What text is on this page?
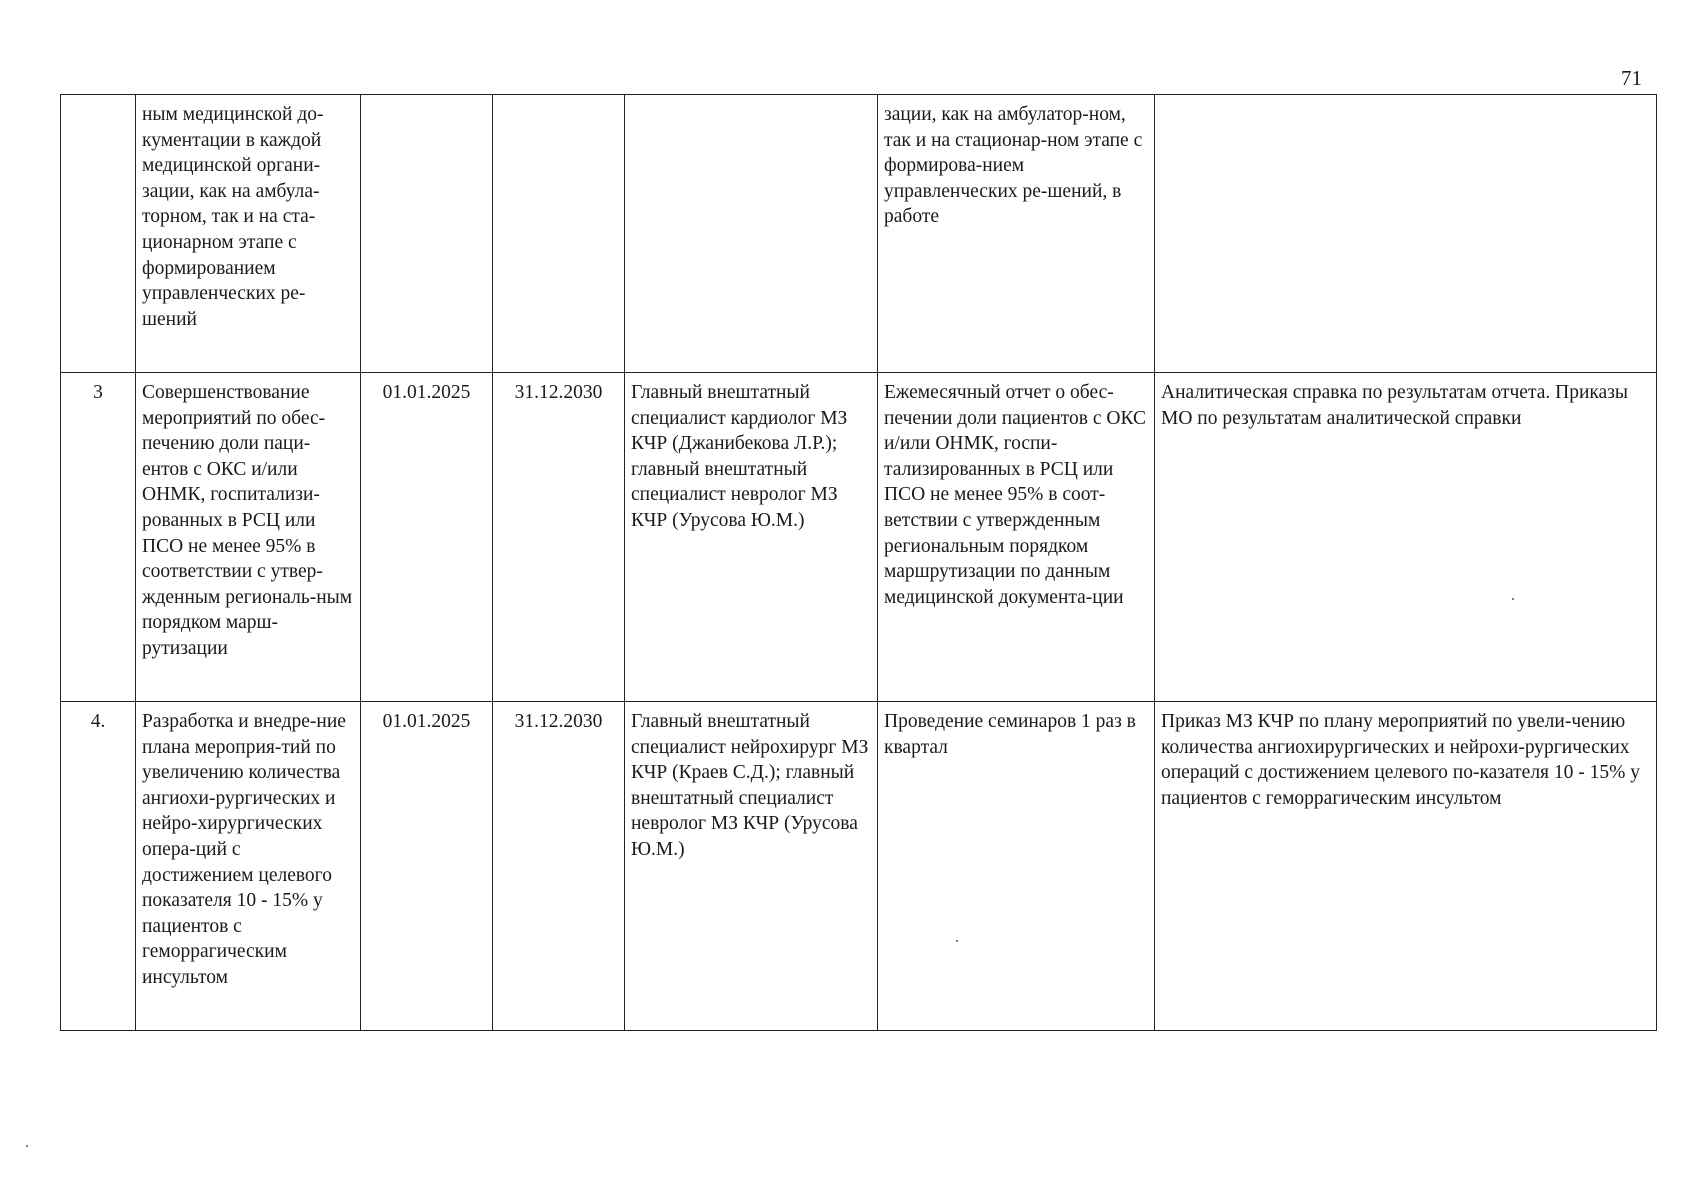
71
	ным медицинской до-кументации в каждой медицинской органи-зации, как на амбула-торном, так и на ста-ционарном этапе с формированием управленческих ре-шений				зации, как на амбулатор-ном, так и на стационар-ном этапе с формирова-нием управленческих ре-шений, в работе	
3	Совершенствование мероприятий по обес-печению доли паци-ентов с ОКС и/или ОНМК, госпитализи-рованных в РСЦ или ПСО не менее 95% в соответствии с утвер-жденным региональ-ным порядком марш-рутизации	01.01.2025	31.12.2030	Главный внештатный специалист кардиолог МЗ КЧР (Джанибекова Л.Р.); главный внештатный специалист невролог МЗ КЧР (Урусова Ю.М.)	Ежемесячный отчет о обес-печении доли пациентов с ОКС и/или ОНМК, госпи-тализированных в РСЦ или ПСО не менее 95% в соот-ветствии с утвержденным региональным порядком маршрутизации по данным медицинской документа-ции	Аналитическая справка по результатам отчета. Приказы МО по результатам аналитической справки
4.	Разработка и внедре-ние плана мероприя-тий по увеличению количества ангиохи-рургических и нейро-хирургических опера-ций с достижением целевого показателя 10 - 15% у пациентов с геморрагическим инсультом	01.01.2025	31.12.2030	Главный внештатный специалист нейрохирург МЗ КЧР (Краев С.Д.); главный внештатный специалист невролог МЗ КЧР (Урусова Ю.М.)	Проведение семинаров 1 раз в квартал	Приказ МЗ КЧР по плану мероприятий по увели-чению количества ангиохирургических и нейрохи-рургических операций с достижением целевого по-казателя 10 - 15% у пациентов с геморрагическим инсультом
